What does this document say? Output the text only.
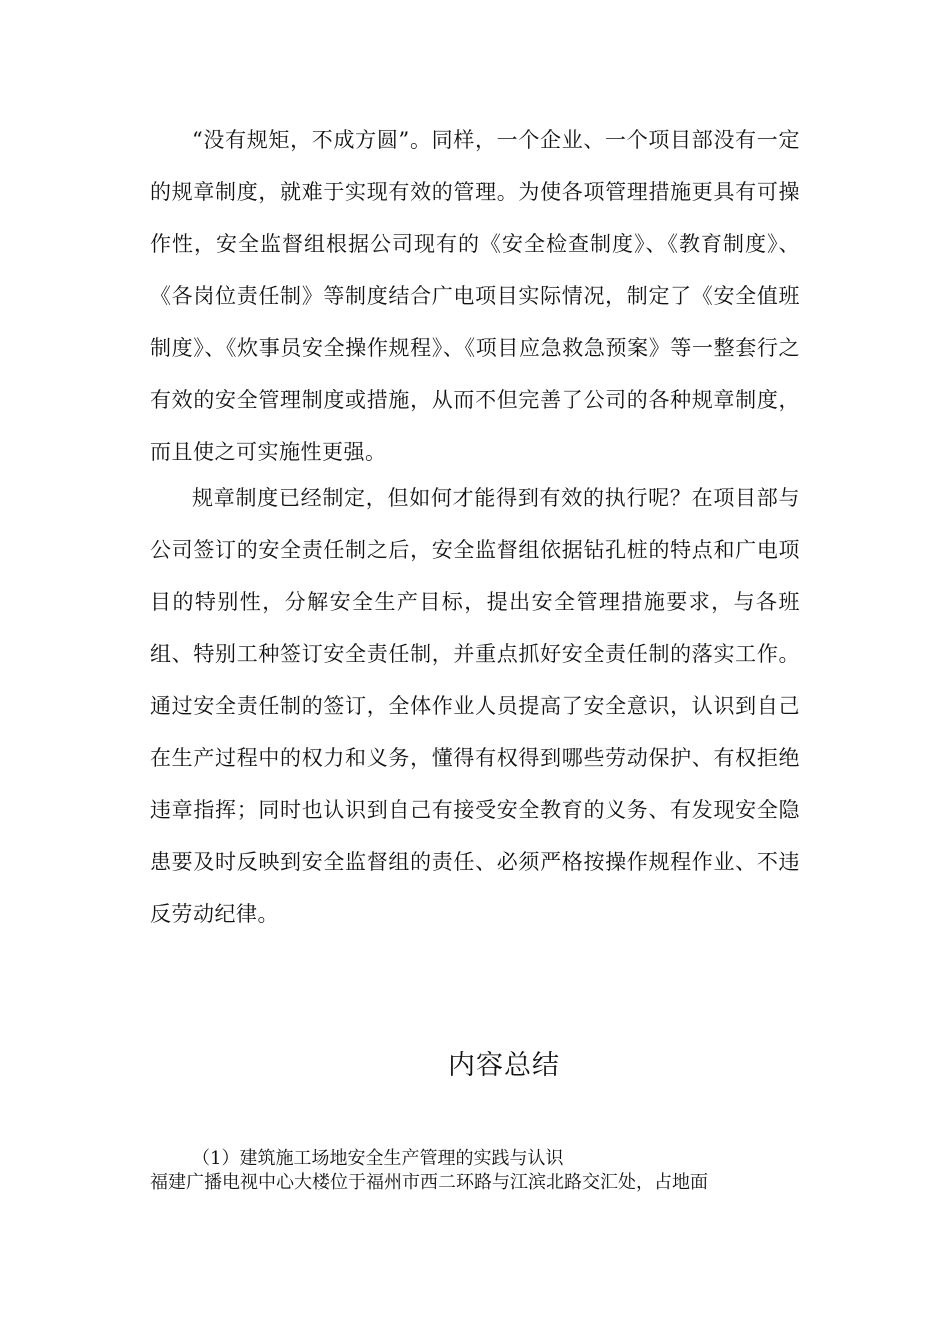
“没有规矩，不成方圆”。同样，一个企业、一个项目部没有一定的规章制度，就难于实现有效的管理。为使各项管理措施更具有可操作性，安全监督组根据公司现有的《安全检查制度》、《教育制度》、《各岗位责任制》等制度结合广电项目实际情况，制定了《安全值班制度》、《炊事员安全操作规程》、《项目应急救急预案》等一整套行之有效的安全管理制度或措施，从而不但完善了公司的各种规章制度，而且使之可实施性更强。

规章制度已经制定，但如何才能得到有效的执行呢？在项目部与公司签订的安全责任制之后，安全监督组依据钻孔桩的特点和广电项目的特别性，分解安全生产目标，提出安全管理措施要求，与各班组、特别工种签订安全责任制，并重点抓好安全责任制的落实工作。通过安全责任制的签订，全体作业人员提高了安全意识，认识到自己在生产过程中的权力和义务，懂得有权得到哪些劳动保护、有权拒绝违章指挥；同时也认识到自己有接受安全教育的义务、有发现安全隐患要及时反映到安全监督组的责任、必须严格按操作规程作业、不违反劳动纪律。

内容总结
（1）建筑施工场地安全生产管理的实践与认识
福建广播电视中心大楼位于福州市西二环路与江滨北路交汇处，占地面
